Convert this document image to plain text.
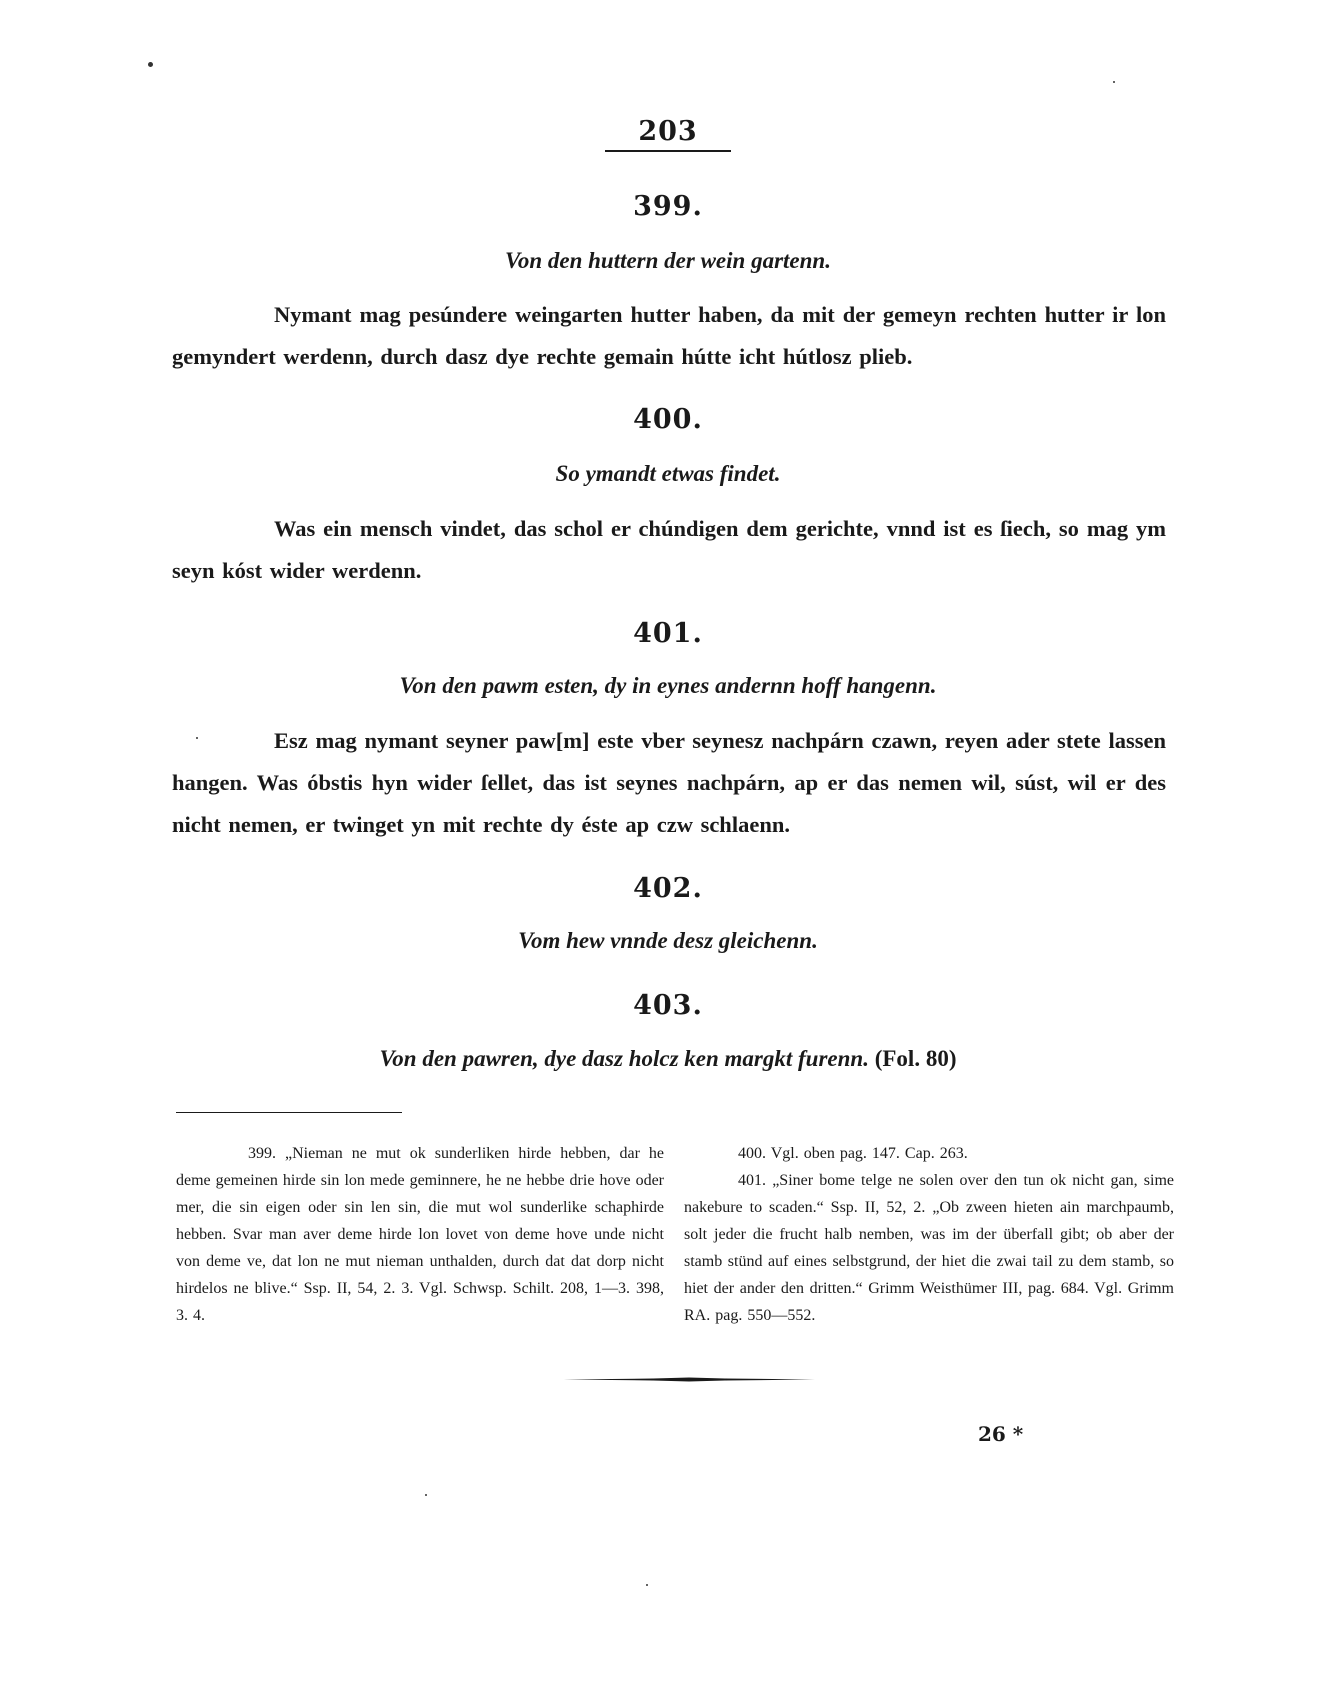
203
399.
Von den huttern der wein gartenn.
Nymant mag pesúndere weingarten hutter haben, da mit der gemeyn rechten hutter ir lon gemyndert werdenn, durch dasz dye rechte gemain hútte icht hútlosz plieb.
400.
So ymandt etwas findet.
Was ein mensch vindet, das schol er chúndigen dem gerichte, vnnd ist es ſiech, so mag ym seyn kóst wider werdenn.
401.
Von den pawm esten, dy in eynes andernn hoff hangenn.
Esz mag nymant seyner paw[m] este vber seynesz nachpárn czawn, reyen ader stete lassen hangen. Was óbstis hyn wider ſellet, das ist seynes nachpárn, ap er das nemen wil, súst, wil er des nicht nemen, er twinget yn mit rechte dy éste ap czw schlaenn.
402.
Vom hew vnnde desz gleichenn.
403.
Von den pawren, dye dasz holcz ken margkt furenn. (Fol. 80)

399. „Nieman ne mut ok sunderliken hirde hebben, dar he deme gemeinen hirde sin lon mede geminnere, he ne hebbe drie hove oder mer, die sin eigen oder sin len sin, die mut wol sunderlike schaphirde hebben. Svar man aver deme hirde lon lovet von deme hove unde nicht von deme ve, dat lon ne mut nieman unthalden, durch dat dat dorp nicht hirdelos ne blive.“ Ssp. II, 54, 2. 3. Vgl. Schwsp. Schilt. 208, 1—3. 398, 3. 4.

400. Vgl. oben pag. 147. Cap. 263.

401. „Siner bome telge ne solen over den tun ok nicht gan, sime nakebure to scaden.“ Ssp. II, 52, 2. „Ob zween hieten ain marchpaumb, solt jeder die frucht halb nemben, was im der überfall gibt; ob aber der stamb stünd auf eines selbstgrund, der hiet die zwai tail zu dem stamb, so hiet der ander den dritten.“ Grimm Weisthümer III, pag. 684. Vgl. Grimm RA. pag. 550—552.

26 *
